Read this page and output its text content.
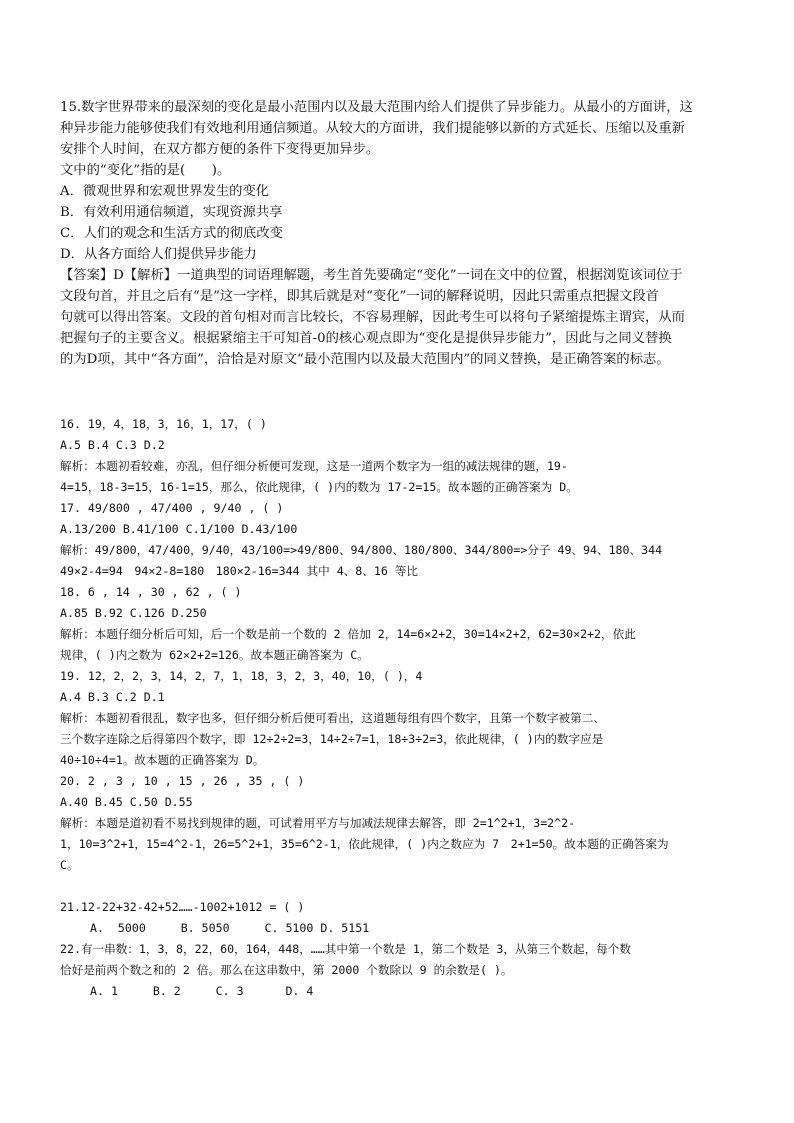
15.数字世界带来的最深刻的变化是最小范围内以及最大范围内给人们提供了异步能力。从最小的方面讲，这
种异步能力能够使我们有效地利用通信频道。从较大的方面讲，我们提能够以新的方式延长、压缩以及重新
安排个人时间，在双方都方便的条件下变得更加异步。
文中的“变化”指的是(　　)。
A．微观世界和宏观世界发生的变化
B．有效利用通信频道，实现资源共享
C．人们的观念和生活方式的彻底改变
D．从各方面给人们提供异步能力
【答案】D【解析】一道典型的词语理解题，考生首先要确定“变化”一词在文中的位置，根据浏览该词位于
文段句首，并且之后有“是”这一字样，即其后就是对“变化”一词的解释说明，因此只需重点把握文段首
句就可以得出答案。文段的首句相对而言比较长，不容易理解，因此考生可以将句子紧缩提炼主谓宾，从而
把握句子的主要含义。根据紧缩主干可知首-0的核心观点即为“变化是提供异步能力”，因此与之同义替换
的为D项，其中“各方面”，洽恰是对原文“最小范围内以及最大范围内”的同义替换，是正确答案的标志。
16. 19，4，18，3，16，1，17，( )
A.5 B.4 C.3 D.2
解析：本题初看较难，亦乱，但仔细分析便可发现，这是一道两个数字为一组的减法规律的题，19-
4=15，18-3=15，16-1=15，那么，依此规律，( )内的数为 17-2=15。故本题的正确答案为 D。
17. 49/800 , 47/400 , 9/40 , ( )
A.13/200 B.41/100 C.1/100 D.43/100
解析：49/800，47/400，9/40，43/100=>49/800、94/800、180/800、344/800=>分子 49、94、180、344
49×2-4=94　94×2-8=180　180×2-16=344 其中 4、8、16 等比
18. 6 , 14 , 30 , 62 , ( )
A.85 B.92 C.126 D.250
解析：本题仔细分析后可知，后一个数是前一个数的 2 倍加 2，14=6×2+2，30=14×2+2，62=30×2+2，依此
规律，( )内之数为 62×2+2=126。故本题正确答案为 C。
19. 12，2，2，3，14，2，7，1，18，3，2，3，40，10，( )，4
A.4 B.3 C.2 D.1
解析：本题初看很乱，数字也多，但仔细分析后便可看出，这道题每组有四个数字，且第一个数字被第二、
三个数字连除之后得第四个数字，即 12÷2÷2=3，14÷2÷7=1，18÷3÷2=3，依此规律，( )内的数字应是
40÷10÷4=1。故本题的正确答案为 D。
20. 2 , 3 , 10 , 15 , 26 , 35 , ( )
A.40 B.45 C.50 D.55
解析：本题是道初看不易找到规律的题，可试着用平方与加减法规律去解答，即 2=1^2+1，3=2^2-
1，10=3^2+1，15=4^2-1，26=5^2+1，35=6^2-1，依此规律，( )内之数应为 7　2+1=50。故本题的正确答案为
C。
21.12-22+32-42+52……-1002+1012 = ( )
A.  5000     B. 5050     C. 5100 D. 5151
22.有一串数：1，3，8，22，60，164，448，……其中第一个数是 1，第二个数是 3，从第三个数起，每个数
恰好是前两个数之和的 2 倍。那么在这串数中，第 2000 个数除以 9 的余数是( )。
A. 1     B. 2     C. 3      D. 4
